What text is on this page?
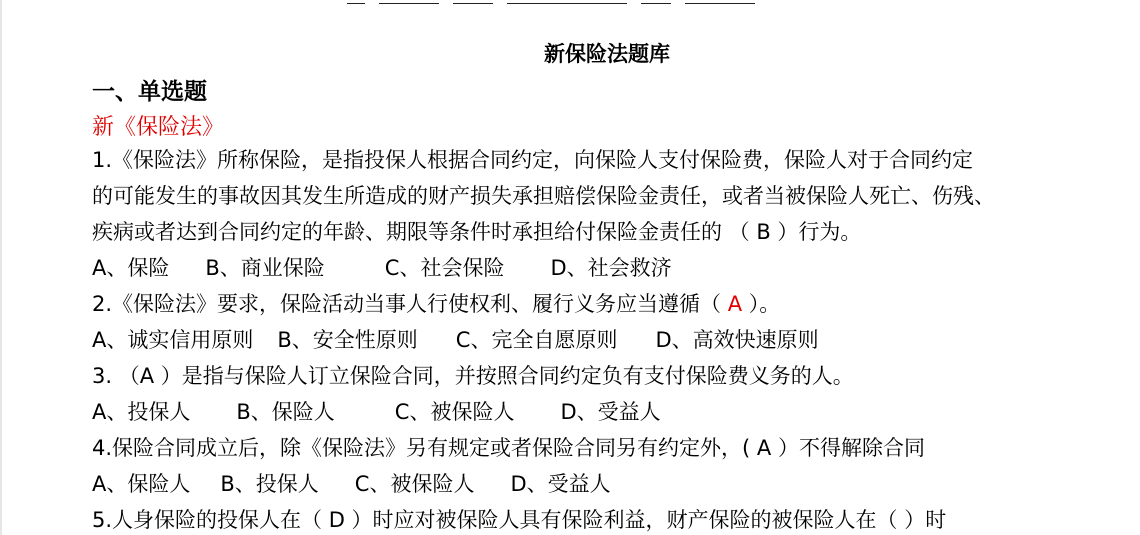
新保险法题库
一、单选题
新《保险法》
1.《保险法》所称保险，是指投保人根据合同约定，向保险人支付保险费，保险人对于合同约定
的可能发生的事故因其发生所造成的财产损失承担赔偿保险金责任，或者当被保险人死亡、伤残、
疾病或者达到合同约定的年龄、期限等条件时承担给付保险金责任的 （ B ）行为。
A、保险 B、商业保险	C、社会保险 D、社会救济
2.《保险法》要求，保险活动当事人行使权利、履行义务应当遵循（ A ）。
A、诚实信用原则 B、安全性原则 C、完全自愿原则 D、高效快速原则
3. （A ）是指与保险人订立保险合同，并按照合同约定负有支付保险费义务的人。
A、投保人 B、保险人	C、被保险人 D、受益人
4.保险合同成立后，除《保险法》另有规定或者保险合同另有约定外，( A ）不得解除合同
A、保险人 B、投保人 C、被保险人 D、受益人
5.人身保险的投保人在（ D ）时应对被保险人具有保险利益，财产保险的被保险人在（ ）时
